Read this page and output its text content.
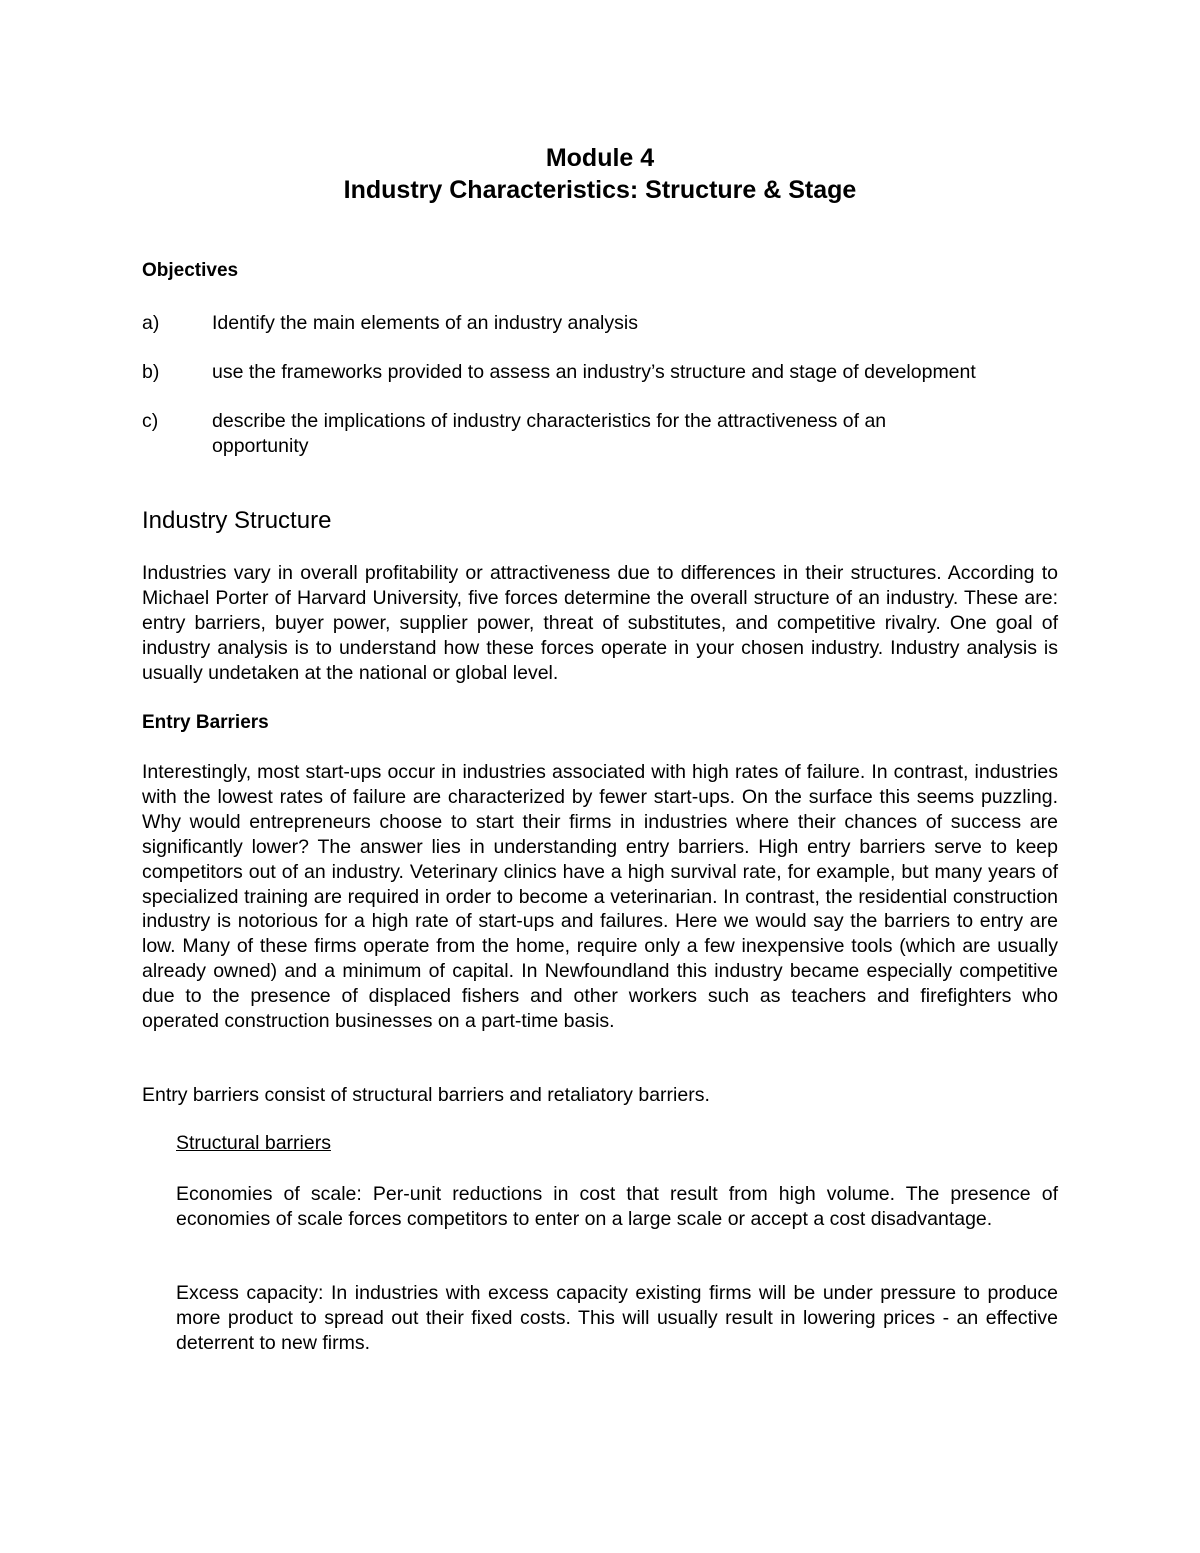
Module 4
Industry Characteristics: Structure & Stage
Objectives
a)	Identify the main elements of an industry analysis
b)	use the frameworks provided to assess an industry’s structure and stage of development
c)	describe the implications of industry characteristics for the attractiveness of an opportunity
Industry Structure
Industries vary in overall profitability or attractiveness due to differences in their structures. According to Michael Porter of Harvard University, five forces determine the overall structure of an industry. These are: entry barriers, buyer power, supplier power, threat of substitutes, and competitive rivalry. One goal of industry analysis is to understand how these forces operate in your chosen industry. Industry analysis is usually undetaken at the national or global level.
Entry Barriers
Interestingly, most start-ups occur in industries associated with high rates of failure. In contrast, industries with the lowest rates of failure are characterized by fewer start-ups. On the surface this seems puzzling. Why would entrepreneurs choose to start their firms in industries where their chances of success are significantly lower? The answer lies in understanding entry barriers. High entry barriers serve to keep competitors out of an industry. Veterinary clinics have a high survival rate, for example, but many years of specialized training are required in order to become a veterinarian. In contrast, the residential construction industry is notorious for a high rate of start-ups and failures. Here we would say the barriers to entry are low. Many of these firms operate from the home, require only a few inexpensive tools (which are usually already owned) and a minimum of capital. In Newfoundland this industry became especially competitive due to the presence of displaced fishers and other workers such as teachers and firefighters who operated construction businesses on a part-time basis.
Entry barriers consist of structural barriers and retaliatory barriers.
Structural barriers
Economies of scale: Per-unit reductions in cost that result from high volume. The presence of economies of scale forces competitors to enter on a large scale or accept a cost disadvantage.
Excess capacity: In industries with excess capacity existing firms will be under pressure to produce more product to spread out their fixed costs. This will usually result in lowering prices - an effective deterrent to new firms.
